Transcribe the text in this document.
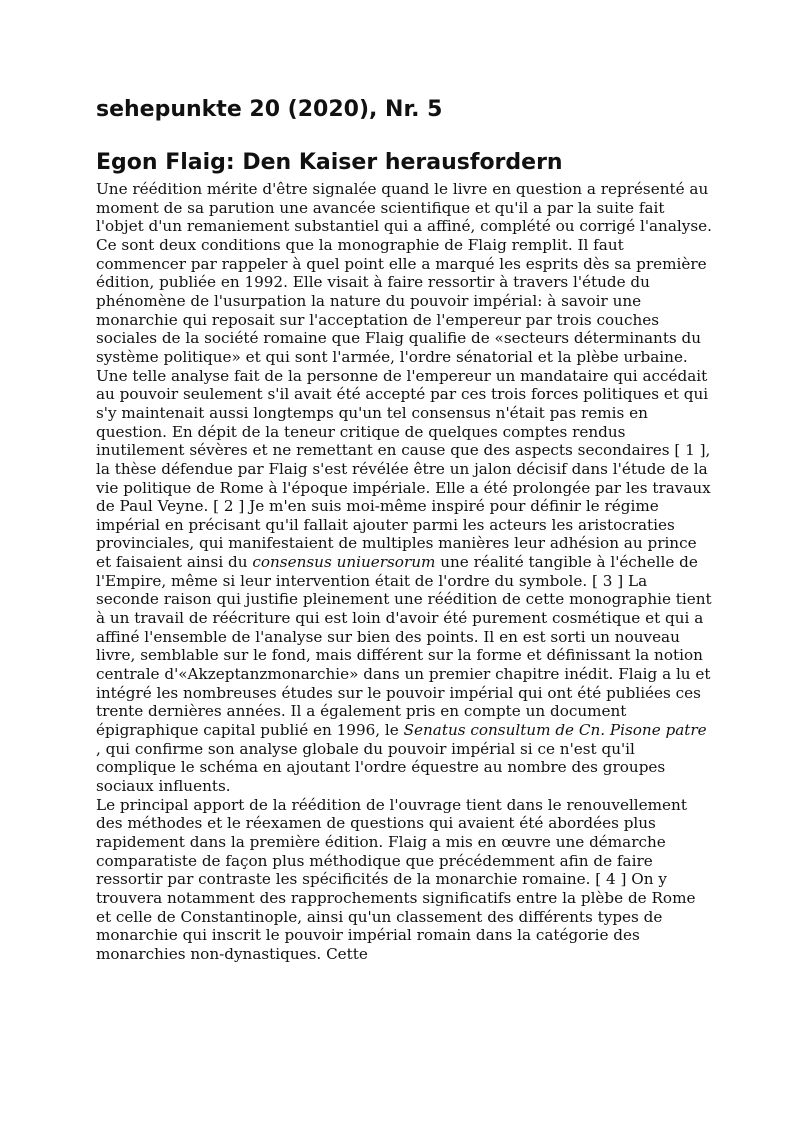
sehepunkte 20 (2020), Nr. 5
Egon Flaig: Den Kaiser herausfordern

Une réédition mérite d'être signalée quand le livre en question a représenté au moment de sa parution une avancée scientifique et qu'il a par la suite fait l'objet d'un remaniement substantiel qui a affiné, complété ou corrigé l'analyse. Ce sont deux conditions que la monographie de Flaig remplit. Il faut commencer par rappeler à quel point elle a marqué les esprits dès sa première édition, publiée en 1992. Elle visait à faire ressortir à travers l'étude du phénomène de l'usurpation la nature du pouvoir impérial: à savoir une monarchie qui reposait sur l'acceptation de l'empereur par trois couches sociales de la société romaine que Flaig qualifie de «secteurs déterminants du système politique» et qui sont l'armée, l'ordre sénatorial et la plèbe urbaine. Une telle analyse fait de la personne de l'empereur un mandataire qui accédait au pouvoir seulement s'il avait été accepté par ces trois forces politiques et qui s'y maintenait aussi longtemps qu'un tel consensus n'était pas remis en question. En dépit de la teneur critique de quelques comptes rendus inutilement sévères et ne remettant en cause que des aspects secondaires [ 1 ], la thèse défendue par Flaig s'est révélée être un jalon décisif dans l'étude de la vie politique de Rome à l'époque impériale. Elle a été prolongée par les travaux de Paul Veyne. [ 2 ] Je m'en suis moi-même inspiré pour définir le régime impérial en précisant qu'il fallait ajouter parmi les acteurs les aristocraties provinciales, qui manifestaient de multiples manières leur adhésion au prince et faisaient ainsi du consensus uniuersorum une réalité tangible à l'échelle de l'Empire, même si leur intervention était de l'ordre du symbole. [ 3 ] La seconde raison qui justifie pleinement une réédition de cette monographie tient à un travail de réécriture qui est loin d'avoir été purement cosmétique et qui a affiné l'ensemble de l'analyse sur bien des points. Il en est sorti un nouveau livre, semblable sur le fond, mais différent sur la forme et définissant la notion centrale d'«Akzeptanzmonarchie» dans un premier chapitre inédit. Flaig a lu et intégré les nombreuses études sur le pouvoir impérial qui ont été publiées ces trente dernières années. Il a également pris en compte un document épigraphique capital publié en 1996, le Senatus consultum de Cn. Pisone patre , qui confirme son analyse globale du pouvoir impérial si ce n'est qu'il complique le schéma en ajoutant l'ordre équestre au nombre des groupes sociaux influents.

Le principal apport de la réédition de l'ouvrage tient dans le renouvellement des méthodes et le réexamen de questions qui avaient été abordées plus rapidement dans la première édition. Flaig a mis en œuvre une démarche comparatiste de façon plus méthodique que précédemment afin de faire ressortir par contraste les spécificités de la monarchie romaine. [ 4 ] On y trouvera notamment des rapprochements significatifs entre la plèbe de Rome et celle de Constantinople, ainsi qu'un classement des différents types de monarchie qui inscrit le pouvoir impérial romain dans la catégorie des monarchies non-dynastiques. Cette
